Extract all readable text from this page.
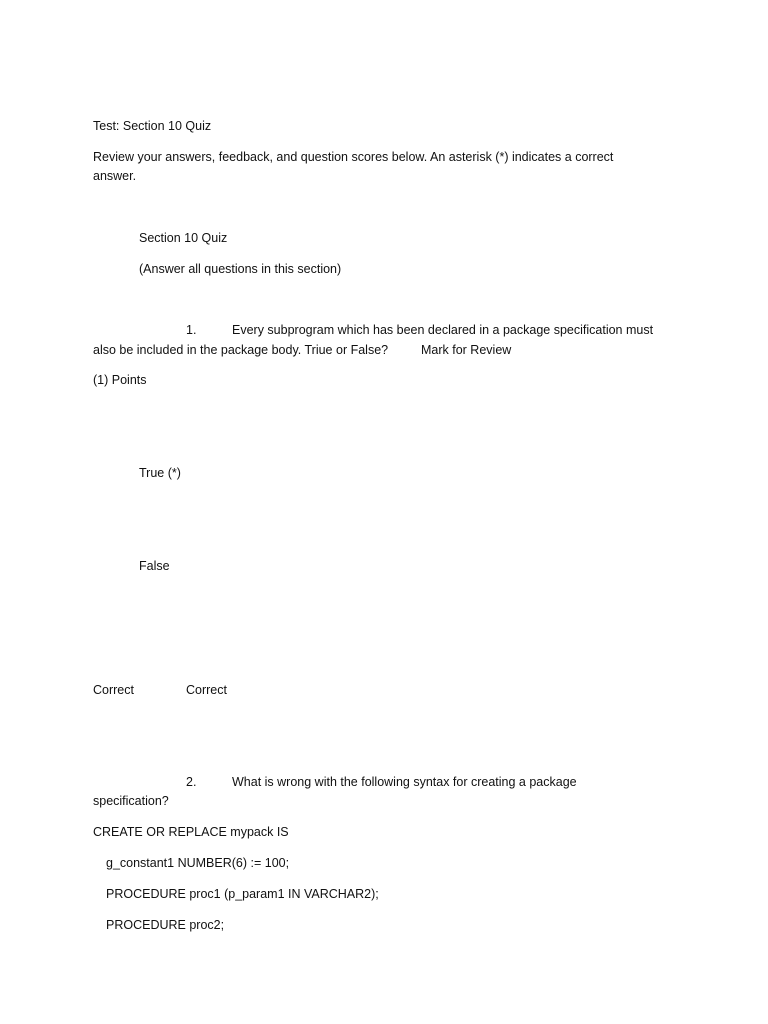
Test: Section 10 Quiz
Review your answers, feedback, and question scores below. An asterisk (*) indicates a correct
answer.
Section 10 Quiz
(Answer all questions in this section)
1.	Every subprogram which has been declared in a package specification must
also be included in the package body. Triue or False?	Mark for Review
(1) Points
True (*)
False
Correct	Correct
2.	What is wrong with the following syntax for creating a package
specification?
CREATE OR REPLACE mypack IS
g_constant1 NUMBER(6) := 100;
PROCEDURE proc1 (p_param1 IN VARCHAR2);
PROCEDURE proc2;
